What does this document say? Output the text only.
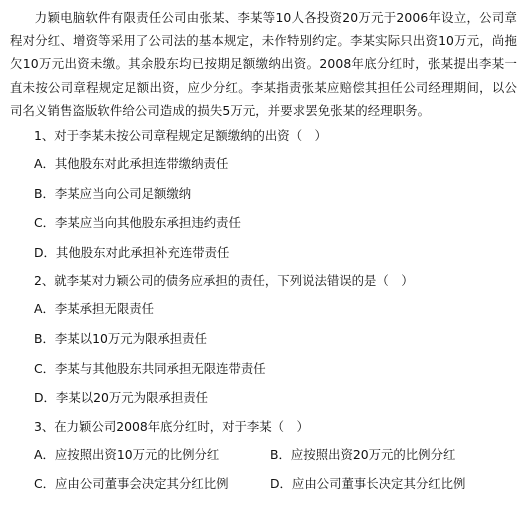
力颖电脑软件有限责任公司由张某、李某等10人各投资20万元于2006年设立，公司章程对分红、增资等采用了公司法的基本规定，未作特别约定。李某实际只出资10万元，尚拖欠10万元出资未缴。其余股东均已按期足额缴纳出资。2008年底分红时，张某提出李某一直未按公司章程规定足额出资，应少分红。李某指责张某应赔偿其担任公司经理期间，以公司名义销售盗版软件给公司造成的损失5万元，并要求罢免张某的经理职务。

1、对于李某未按公司章程规定足额缴纳的出资（　）

A．其他股东对此承担连带缴纳责任

B．李某应当向公司足额缴纳

C．李某应当向其他股东承担违约责任

D．其他股东对此承担补充连带责任

2、就李某对力颖公司的债务应承担的责任，下列说法错误的是（　）

A．李某承担无限责任

B．李某以10万元为限承担责任

C．李某与其他股东共同承担无限连带责任

D．李某以20万元为限承担责任

3、在力颖公司2008年底分红时，对于李某（　）

A．应按照出资10万元的比例分红	B．应按照出资20万元的比例分红
C．应由公司董事会决定其分红比例	D．应由公司董事长决定其分红比例
